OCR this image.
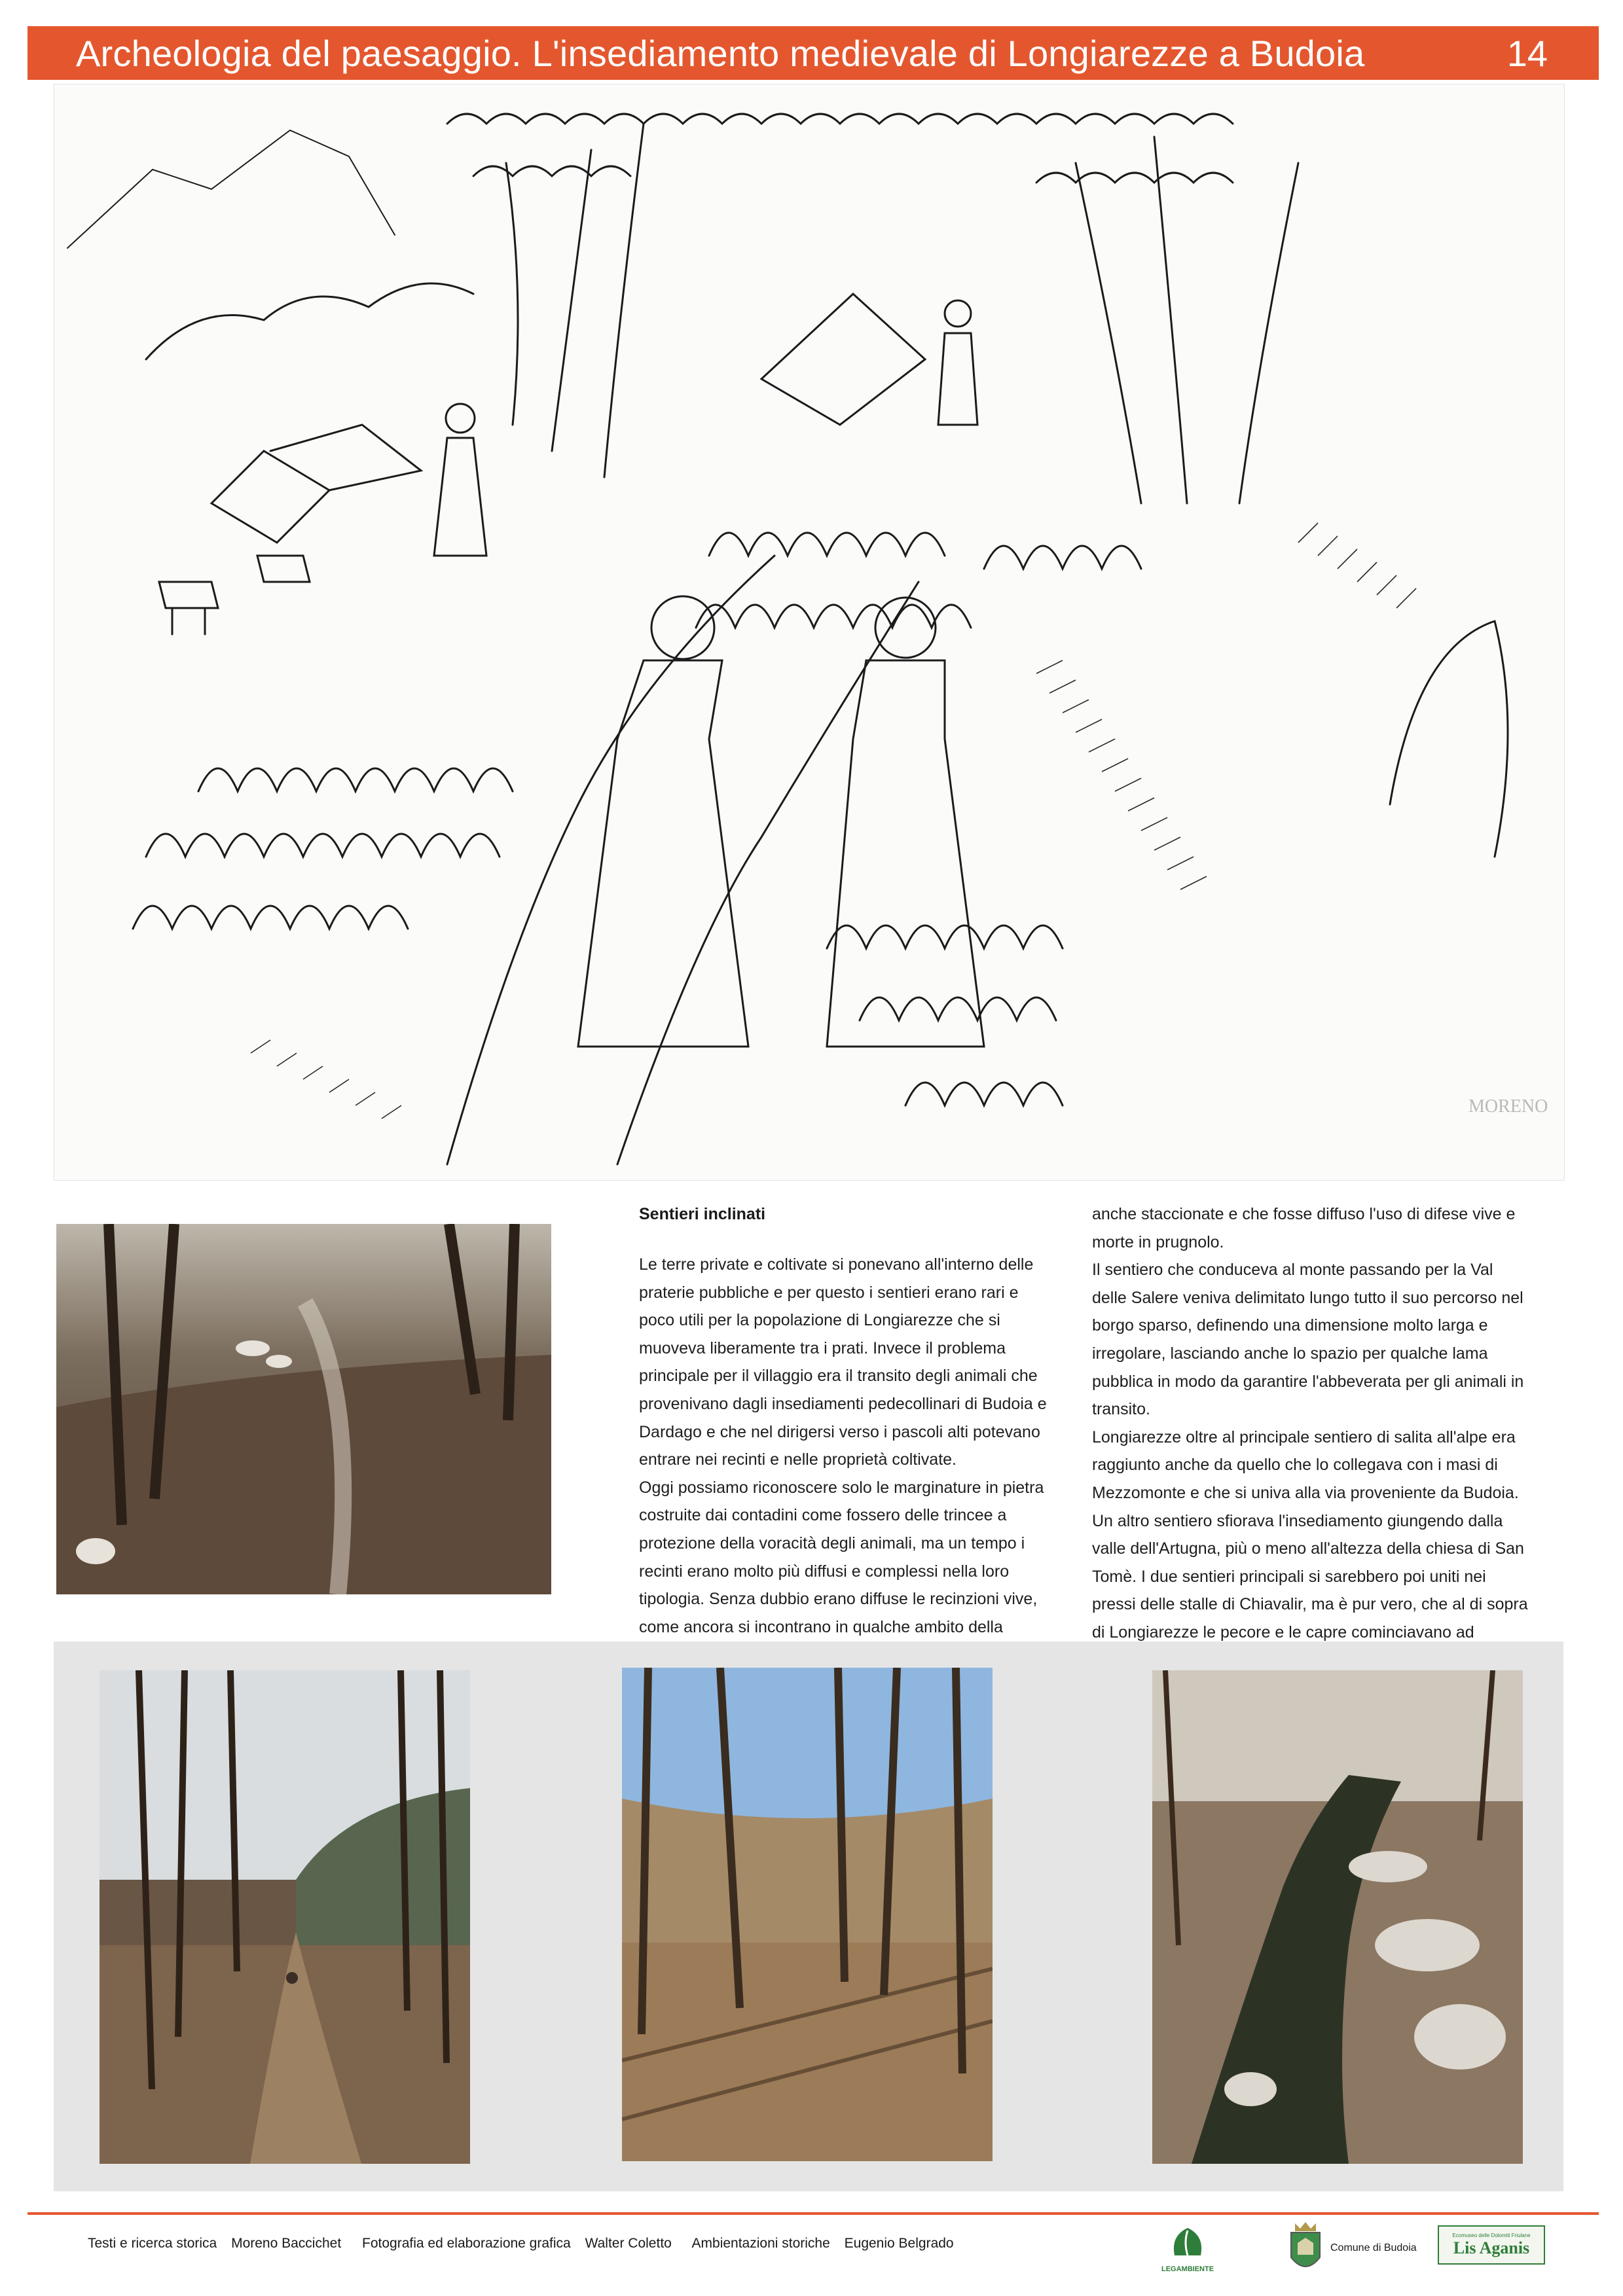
Archeologia del paesaggio. L'insediamento medievale di Longiarezze a Budoia	14
MORENO
Sentieri inclinati
Le terre private e coltivate si ponevano all'interno delle
praterie pubbliche e per questo i sentieri erano rari e
poco utili per la popolazione di Longiarezze che si
muoveva liberamente tra i prati. Invece il problema
principale per il villaggio era il transito degli animali che
provenivano dagli insediamenti pedecollinari di Budoia e
Dardago e che nel dirigersi verso i pascoli alti potevano
entrare nei recinti e nelle proprietà coltivate.
Oggi possiamo riconoscere solo le marginature in pietra
costruite dai contadini come fossero delle trincee a
protezione della voracità degli animali, ma un tempo i
recinti erano molto più diffusi e complessi nella loro
tipologia. Senza dubbio erano diffuse le recinzioni vive,
come ancora si incontrano in qualche ambito della

anche staccionate e che fosse diffuso l'uso di difese vive e
morte in prugnolo.
Il sentiero che conduceva al monte passando per la Val
delle Salere veniva delimitato lungo tutto il suo percorso nel
borgo sparso, definendo una dimensione molto larga e
irregolare, lasciando anche lo spazio per qualche lama
pubblica in modo da garantire l'abbeverata per gli animali in
transito.
Longiarezze oltre al principale sentiero di salita all'alpe era
raggiunto anche da quello che lo collegava con i masi di
Mezzomonte e che si univa alla via proveniente da Budoia.
Un altro sentiero sfiorava l'insediamento giungendo dalla
valle dell'Artugna, più o meno all'altezza della chiesa di San
Tomè. I due sentieri principali si sarebbero poi uniti nei
pressi delle stalle di Chiavalir, ma è pur vero, che al di sopra
di Longiarezze le pecore e le capre cominciavano ad

Testi e ricerca storica Moreno Baccichet Fotografia ed elaborazione grafica Walter Coletto Ambientazioni storiche Eugenio Belgrado
LEGAMBIENTE
Comune di Budoia
Ecomuseo delle Dolomiti Friulane
Lis Aganis
